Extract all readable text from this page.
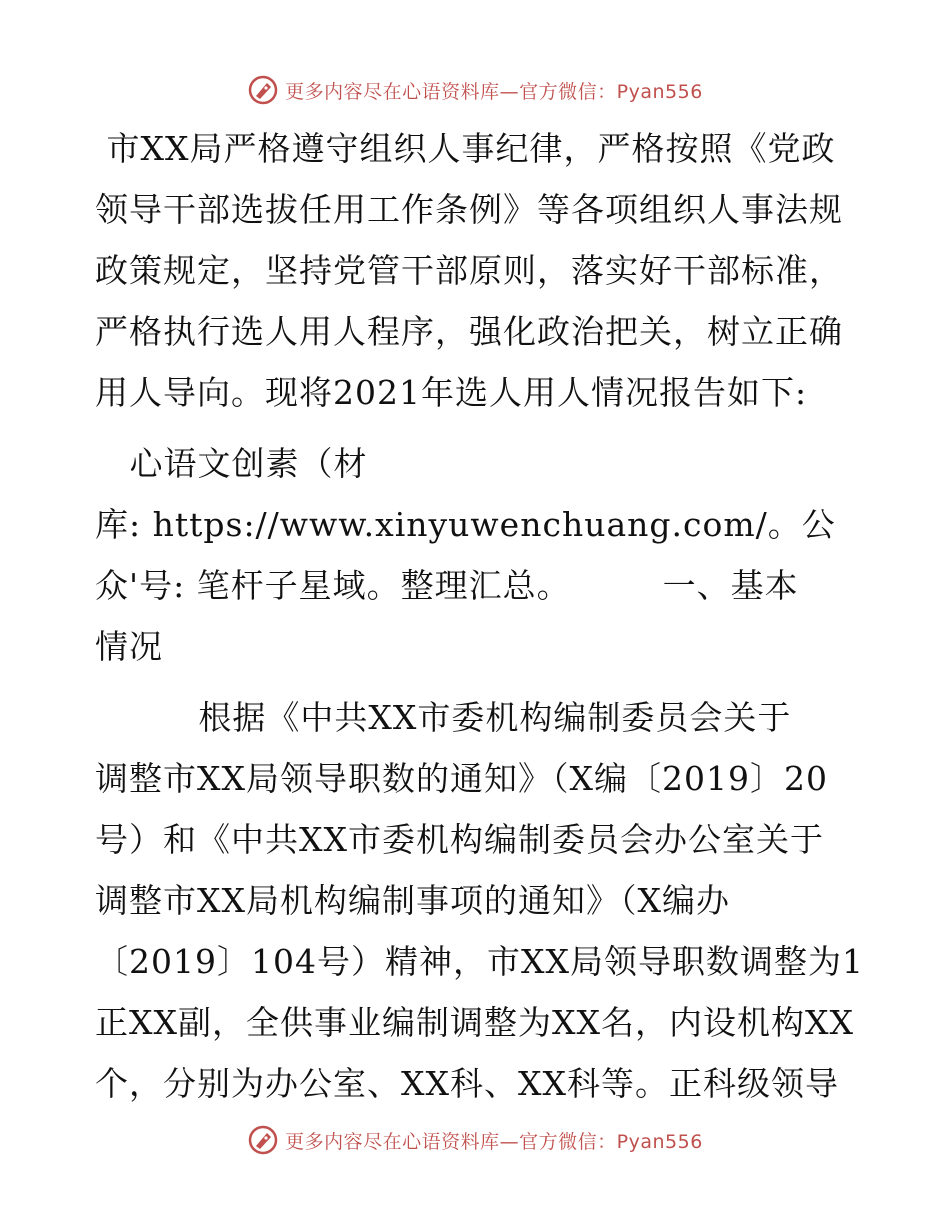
更多内容尽在心语资料库—官方微信：Pyan556
市XX局严格遵守组织人事纪律，严格按照《党政
领导干部选拔任用工作条例》等各项组织人事法规
政策规定，坚持党管干部原则，落实好干部标准，
严格执行选人用人程序，强化政治把关，树立正确
用人导向。现将2021年选人用人情况报告如下:
心语文创素（材
库: https://www.xinyuwenchuang.com/。公
众'号: 笔杆子星域。整理汇总。        一、基本
情况
根据《中共XX市委机构编制委员会关于
调整市XX局领导职数的通知》（X编〔2019〕20
号）和《中共XX市委机构编制委员会办公室关于
调整市XX局机构编制事项的通知》（X编办
〔2019〕104号）精神，市XX局领导职数调整为1
正XX副，全供事业编制调整为XX名，内设机构XX
个，分别为办公室、XX科、XX科等。正科级领导
更多内容尽在心语资料库—官方微信：Pyan556
